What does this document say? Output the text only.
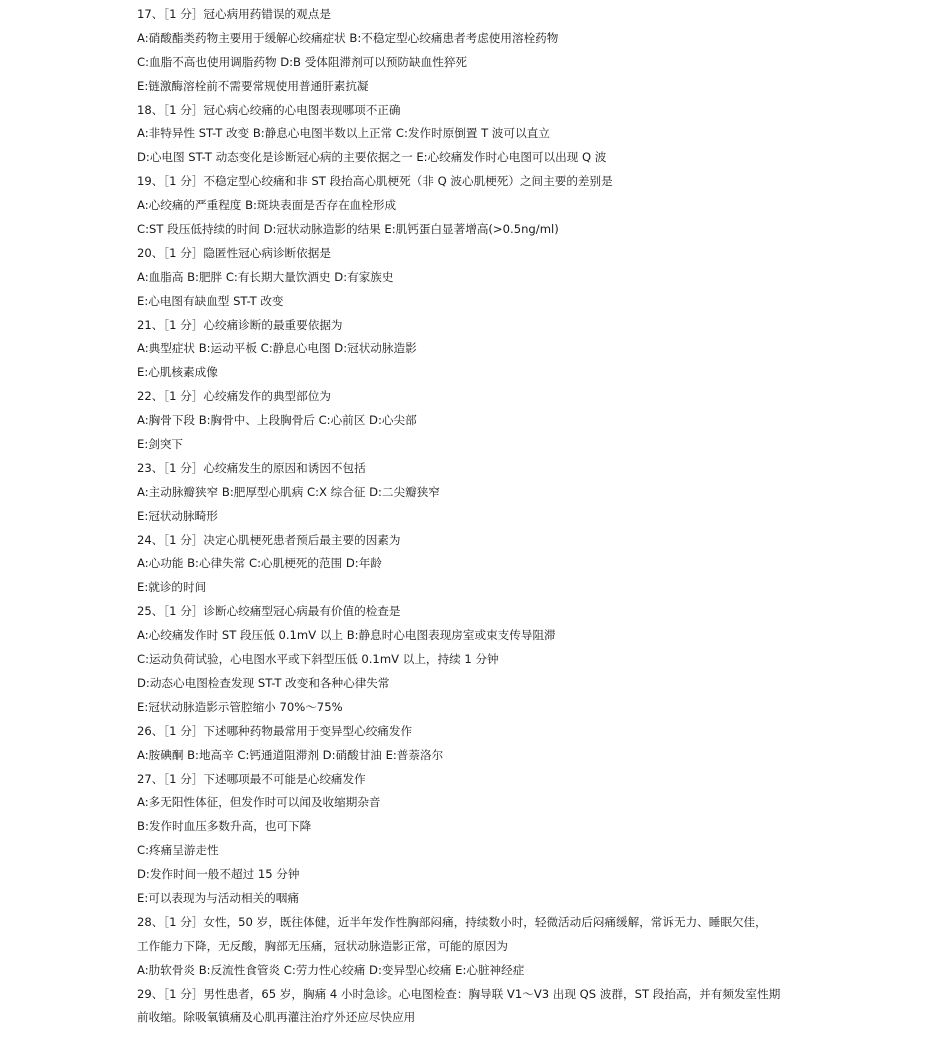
17、［1 分］冠心病用药错误的观点是
A:硝酸酯类药物主要用于缓解心绞痛症状 B:不稳定型心绞痛患者考虑使用溶栓药物
C:血脂不高也使用调脂药物 D:B 受体阻滞剂可以预防缺血性猝死
E:链激酶溶栓前不需要常规使用普通肝素抗凝
18、［1 分］冠心病心绞痛的心电图表现哪项不正确
A:非特异性 ST-T 改变 B:静息心电图半数以上正常 C:发作时原倒置 T 波可以直立
D:心电图 ST-T 动态变化是诊断冠心病的主要依据之一 E:心绞痛发作时心电图可以出现 Q 波
19、［1 分］不稳定型心绞痛和非 ST 段抬高心肌梗死（非 Q 波心肌梗死）之间主要的差别是
A:心绞痛的严重程度 B:斑块表面是否存在血栓形成
C:ST 段压低持续的时间 D:冠状动脉造影的结果 E:肌钙蛋白显著增高(>0.5ng/ml)
20、［1 分］隐匿性冠心病诊断依据是
A:血脂高 B:肥胖 C:有长期大量饮酒史 D:有家族史
E:心电图有缺血型 ST-T 改变
21、［1 分］心绞痛诊断的最重要依据为
A:典型症状 B:运动平板 C:静息心电图 D:冠状动脉造影
E:心肌核素成像
22、［1 分］心绞痛发作的典型部位为
A:胸骨下段 B:胸骨中、上段胸骨后 C:心前区 D:心尖部
E:剑突下
23、［1 分］心绞痛发生的原因和诱因不包括
A:主动脉瓣狭窄 B:肥厚型心肌病 C:X 综合征 D:二尖瓣狭窄
E:冠状动脉畸形
24、［1 分］决定心肌梗死患者预后最主要的因素为
A:心功能 B:心律失常 C:心肌梗死的范围 D:年龄
E:就诊的时间
25、［1 分］诊断心绞痛型冠心病最有价值的检查是
A:心绞痛发作时 ST 段压低 0.1mV 以上 B:静息时心电图表现房室或束支传导阻滞
C:运动负荷试验，心电图水平或下斜型压低 0.1mV 以上，持续 1 分钟
D:动态心电图检查发现 ST-T 改变和各种心律失常
E:冠状动脉造影示管腔缩小 70%～75%
26、［1 分］下述哪种药物最常用于变异型心绞痛发作
A:胺碘酮 B:地高辛 C:钙通道阻滞剂 D:硝酸甘油 E:普萘洛尔
27、［1 分］下述哪项最不可能是心绞痛发作
A:多无阳性体征，但发作时可以闻及收缩期杂音
B:发作时血压多数升高，也可下降
C:疼痛呈游走性
D:发作时间一般不超过 15 分钟
E:可以表现为与活动相关的咽痛
28、［1 分］女性，50 岁，既往体健，近半年发作性胸部闷痛，持续数小时，轻微活动后闷痛缓解，常诉无力、睡眠欠佳，
工作能力下降，无反酸，胸部无压痛，冠状动脉造影正常，可能的原因为
A:肋软骨炎 B:反流性食管炎 C:劳力性心绞痛 D:变异型心绞痛 E:心脏神经症
29、［1 分］男性患者，65 岁，胸痛 4 小时急诊。心电图检查：胸导联 V1～V3 出现 QS 波群，ST 段抬高，并有频发室性期
前收缩。除吸氧镇痛及心肌再灌注治疗外还应尽快应用
